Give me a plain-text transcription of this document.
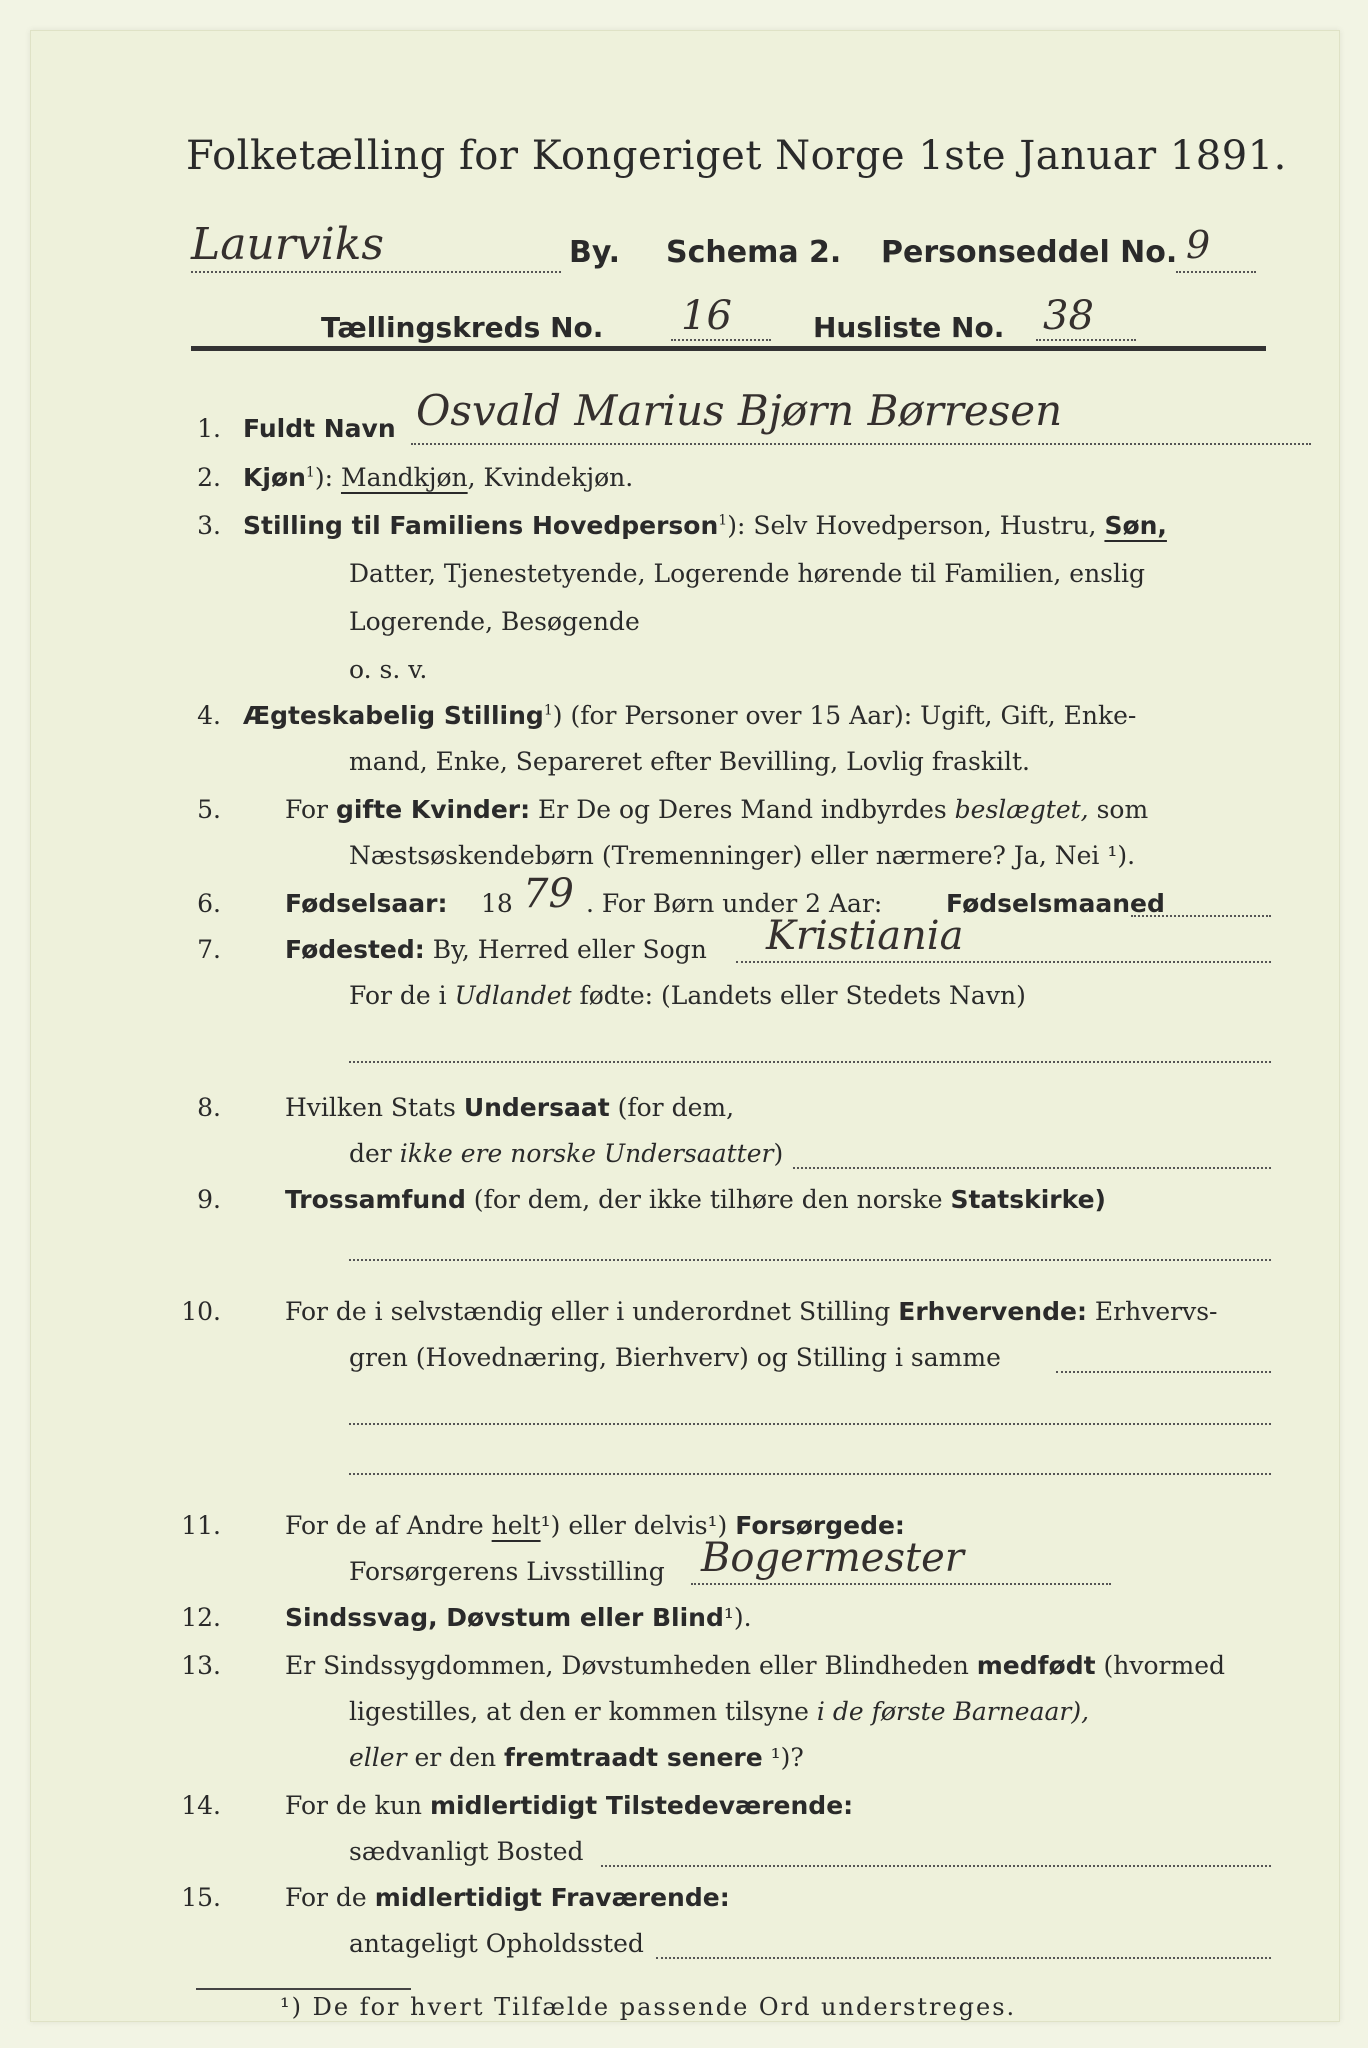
Folketælling for Kongeriget Norge 1ste Januar 1891.
Laurviks	By. Schema 2. Personseddel No. 9
Tællingskreds No. 16	Husliste No. 38
1. Fuldt Navn Osvald Marius Bjørn Børresen
2. Kjøn$^1$): Mandkjøn, Kvindekjøn.
3. Stilling til Familiens Hovedperson$^1$): Selv Hovedperson, Hustru, Søn,
Datter, Tjenestetyende, Logerende hørende til Familien, enslig
Logerende, Besøgende
o. s. v.
4. Ægteskabelig Stilling$^1$) (for Personer over 15 Aar): Ugift, Gift, Enke-
mand, Enke, Separeret efter Bevilling, Lovlig fraskilt.
5.	For gifte Kvinder: Er De og Deres Mand indbyrdes beslægtet, som
Næstsøskendebørn (Tremenninger) eller nærmere? Ja, Nei ¹).
6.	Fødselsaar: 18 79 . For Børn under 2 Aar:	Fødselsmaaned
7.	Fødested: By, Herred eller Sogn Kristiania
For de i Udlandet fødte: (Landets eller Stedets Navn)
8.	Hvilken Stats Undersaat (for dem,
der ikke ere norske Undersaatter)
9.	Trossamfund (for dem, der ikke tilhøre den norske Statskirke)
10.	For de i selvstændig eller i underordnet Stilling Erhvervende: Erhvervs-
gren (Hovednæring, Bierhverv) og Stilling i samme
11.	For de af Andre helt¹) eller delvis¹) Forsørgede:
Forsørgerens Livsstilling Bogermester
12.	Sindssvag, Døvstum eller Blind¹).
13.	Er Sindssygdommen, Døvstumheden eller Blindheden medfødt (hvormed
ligestilles, at den er kommen tilsyne i de første Barneaar),
eller er den fremtraadt senere ¹)?
14.	For de kun midlertidigt Tilstedeværende:
sædvanligt Bosted
15.	For de midlertidigt Fraværende:
antageligt Opholdssted
¹) De for hvert Tilfælde passende Ord understreges.
